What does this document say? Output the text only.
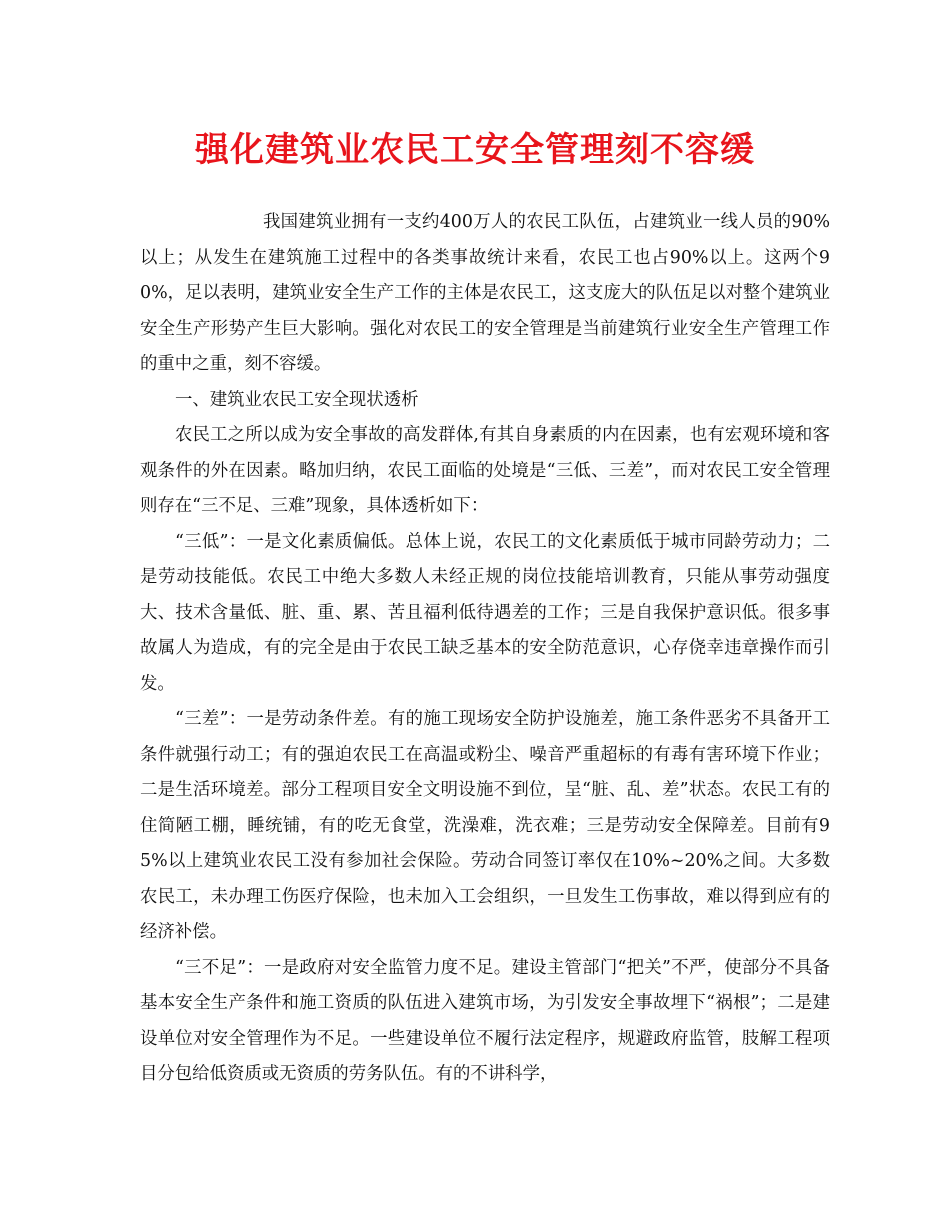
强化建筑业农民工安全管理刻不容缓

我国建筑业拥有一支约400万人的农民工队伍，占建筑业一线人员的90%以上；从发生在建筑施工过程中的各类事故统计来看，农民工也占90%以上。这两个90%，足以表明，建筑业安全生产工作的主体是农民工，这支庞大的队伍足以对整个建筑业安全生产形势产生巨大影响。强化对农民工的安全管理是当前建筑行业安全生产管理工作的重中之重，刻不容缓。

一、建筑业农民工安全现状透析

农民工之所以成为安全事故的高发群体,有其自身素质的内在因素，也有宏观环境和客观条件的外在因素。略加归纳，农民工面临的处境是“三低、三差”，而对农民工安全管理则存在“三不足、三难”现象，具体透析如下：

“三低”：一是文化素质偏低。总体上说，农民工的文化素质低于城市同龄劳动力；二是劳动技能低。农民工中绝大多数人未经正规的岗位技能培训教育，只能从事劳动强度大、技术含量低、脏、重、累、苦且福利低待遇差的工作；三是自我保护意识低。很多事故属人为造成，有的完全是由于农民工缺乏基本的安全防范意识，心存侥幸违章操作而引发。

“三差”：一是劳动条件差。有的施工现场安全防护设施差，施工条件恶劣不具备开工条件就强行动工；有的强迫农民工在高温或粉尘、噪音严重超标的有毒有害环境下作业；二是生活环境差。部分工程项目安全文明设施不到位，呈“脏、乱、差”状态。农民工有的住简陋工棚，睡统铺，有的吃无食堂，洗澡难，洗衣难；三是劳动安全保障差。目前有95%以上建筑业农民工没有参加社会保险。劳动合同签订率仅在10%~20%之间。大多数农民工，未办理工伤医疗保险，也未加入工会组织，一旦发生工伤事故，难以得到应有的经济补偿。

“三不足”：一是政府对安全监管力度不足。建设主管部门“把关”不严，使部分不具备基本安全生产条件和施工资质的队伍进入建筑市场，为引发安全事故埋下“祸根”；二是建设单位对安全管理作为不足。一些建设单位不履行法定程序，规避政府监管，肢解工程项目分包给低资质或无资质的劳务队伍。有的不讲科学，
